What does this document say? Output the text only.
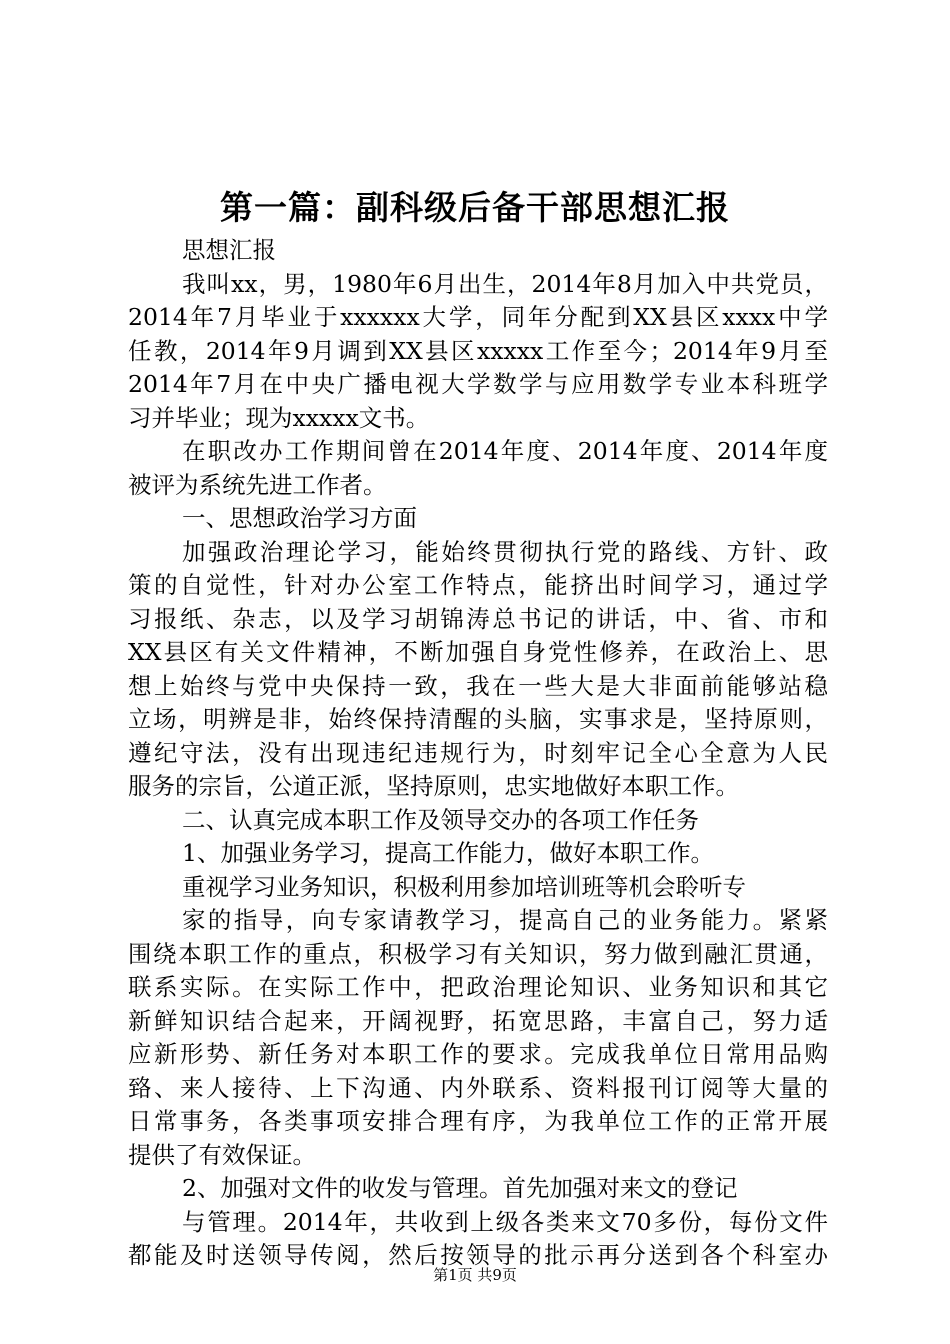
第一篇：副科级后备干部思想汇报
思想汇报
我叫xx，男，1980年6月出生，2014年8月加入中共党员，
2014年7月毕业于xxxxxx大学，同年分配到XX县区xxxx中学
任教，2014年9月调到XX县区xxxxx工作至今；2014年9月至
2014年7月在中央广播电视大学数学与应用数学专业本科班学
习并毕业；现为xxxxx文书。
在职改办工作期间曾在2014年度、2014年度、2014年度
被评为系统先进工作者。
一、思想政治学习方面
加强政治理论学习，能始终贯彻执行党的路线、方针、政
策的自觉性，针对办公室工作特点，能挤出时间学习，通过学
习报纸、杂志，以及学习胡锦涛总书记的讲话，中、省、市和
XX县区有关文件精神，不断加强自身党性修养，在政治上、思
想上始终与党中央保持一致，我在一些大是大非面前能够站稳
立场，明辨是非，始终保持清醒的头脑，实事求是，坚持原则，
遵纪守法，没有出现违纪违规行为，时刻牢记全心全意为人民
服务的宗旨，公道正派，坚持原则，忠实地做好本职工作。
二、认真完成本职工作及领导交办的各项工作任务
1、加强业务学习，提高工作能力，做好本职工作。
重视学习业务知识，积极利用参加培训班等机会聆听专
家的指导，向专家请教学习，提高自己的业务能力。紧紧
围绕本职工作的重点，积极学习有关知识，努力做到融汇贯通，
联系实际。在实际工作中，把政治理论知识、业务知识和其它
新鲜知识结合起来，开阔视野，拓宽思路，丰富自己，努力适
应新形势、新任务对本职工作的要求。完成我单位日常用品购
臵、来人接待、上下沟通、内外联系、资料报刊订阅等大量的
日常事务，各类事项安排合理有序，为我单位工作的正常开展
提供了有效保证。
2、加强对文件的收发与管理。首先加强对来文的登记
与管理。2014年，共收到上级各类来文70多份，每份文件
都能及时送领导传阅，然后按领导的批示再分送到各个科室办
第1页 共9页
